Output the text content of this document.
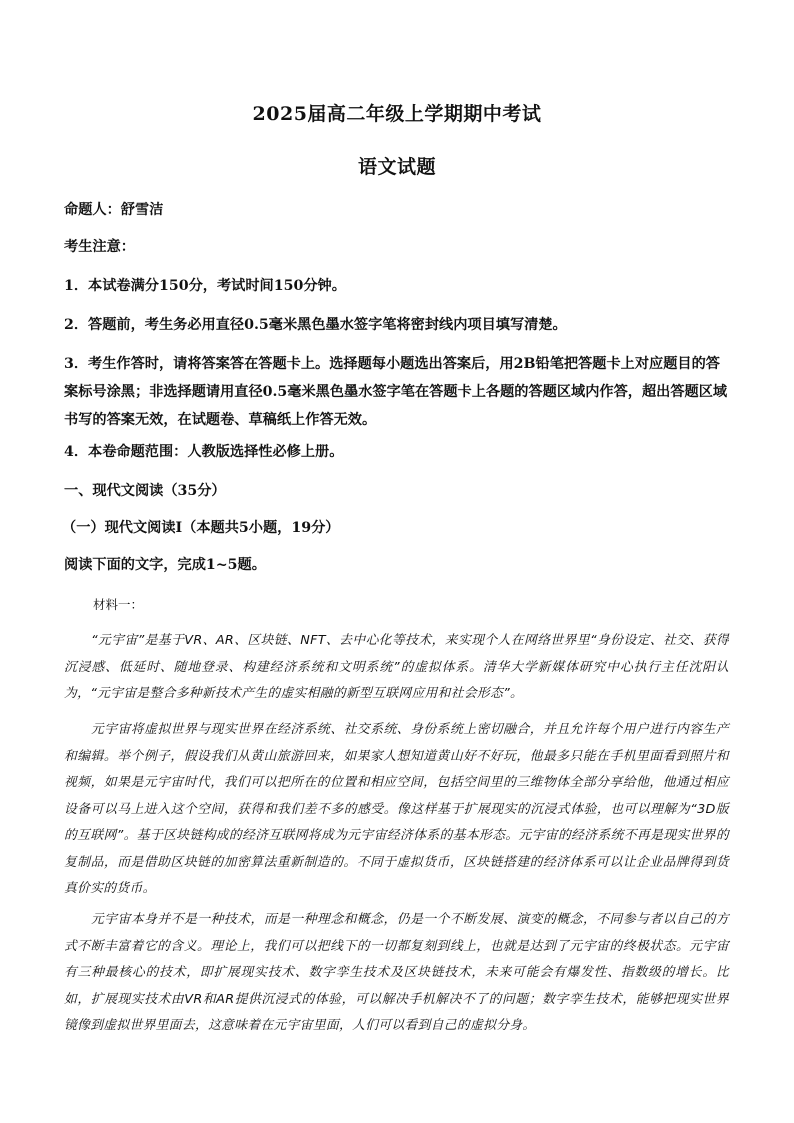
2025届高二年级上学期期中考试
语文试题
命题人：舒雪洁
考生注意：
1．本试卷满分150分，考试时间150分钟。
2．答题前，考生务必用直径0.5毫米黑色墨水签字笔将密封线内项目填写清楚。
3．考生作答时，请将答案答在答题卡上。选择题每小题选出答案后，用2B铅笔把答题卡上对应题目的答案标号涂黑；非选择题请用直径0.5毫米黑色墨水签字笔在答题卡上各题的答题区域内作答，超出答题区域书写的答案无效，在试题卷、草稿纸上作答无效。
4．本卷命题范围：人教版选择性必修上册。
一、现代文阅读（35分）
（一）现代文阅读Ⅰ（本题共5小题，19分）
阅读下面的文字，完成1~5题。
材料一：
“元宇宙”是基于VR、AR、区块链、NFT、去中心化等技术，来实现个人在网络世界里“身份设定、社交、获得沉浸感、低延时、随地登录、构建经济系统和文明系统”的虚拟体系。清华大学新媒体研究中心执行主任沈阳认为，“元宇宙是整合多种新技术产生的虚实相融的新型互联网应用和社会形态”。
元宇宙将虚拟世界与现实世界在经济系统、社交系统、身份系统上密切融合，并且允许每个用户进行内容生产和编辑。举个例子，假设我们从黄山旅游回来，如果家人想知道黄山好不好玩，他最多只能在手机里面看到照片和视频，如果是元宇宙时代，我们可以把所在的位置和相应空间，包括空间里的三维物体全部分享给他，他通过相应设备可以马上进入这个空间，获得和我们差不多的感受。像这样基于扩展现实的沉浸式体验，也可以理解为“3D版的互联网”。基于区块链构成的经济互联网将成为元宇宙经济体系的基本形态。元宇宙的经济系统不再是现实世界的复制品，而是借助区块链的加密算法重新制造的。不同于虚拟货币，区块链搭建的经济体系可以让企业品牌得到货真价实的货币。
元宇宙本身并不是一种技术，而是一种理念和概念，仍是一个不断发展、演变的概念，不同参与者以自己的方式不断丰富着它的含义。理论上，我们可以把线下的一切都复刻到线上，也就是达到了元宇宙的终极状态。元宇宙有三种最核心的技术，即扩展现实技术、数字孪生技术及区块链技术，未来可能会有爆发性、指数级的增长。比如，扩展现实技术由VR和AR提供沉浸式的体验，可以解决手机解决不了的问题；数字孪生技术，能够把现实世界镜像到虚拟世界里面去，这意味着在元宇宙里面，人们可以看到自己的虚拟分身。
